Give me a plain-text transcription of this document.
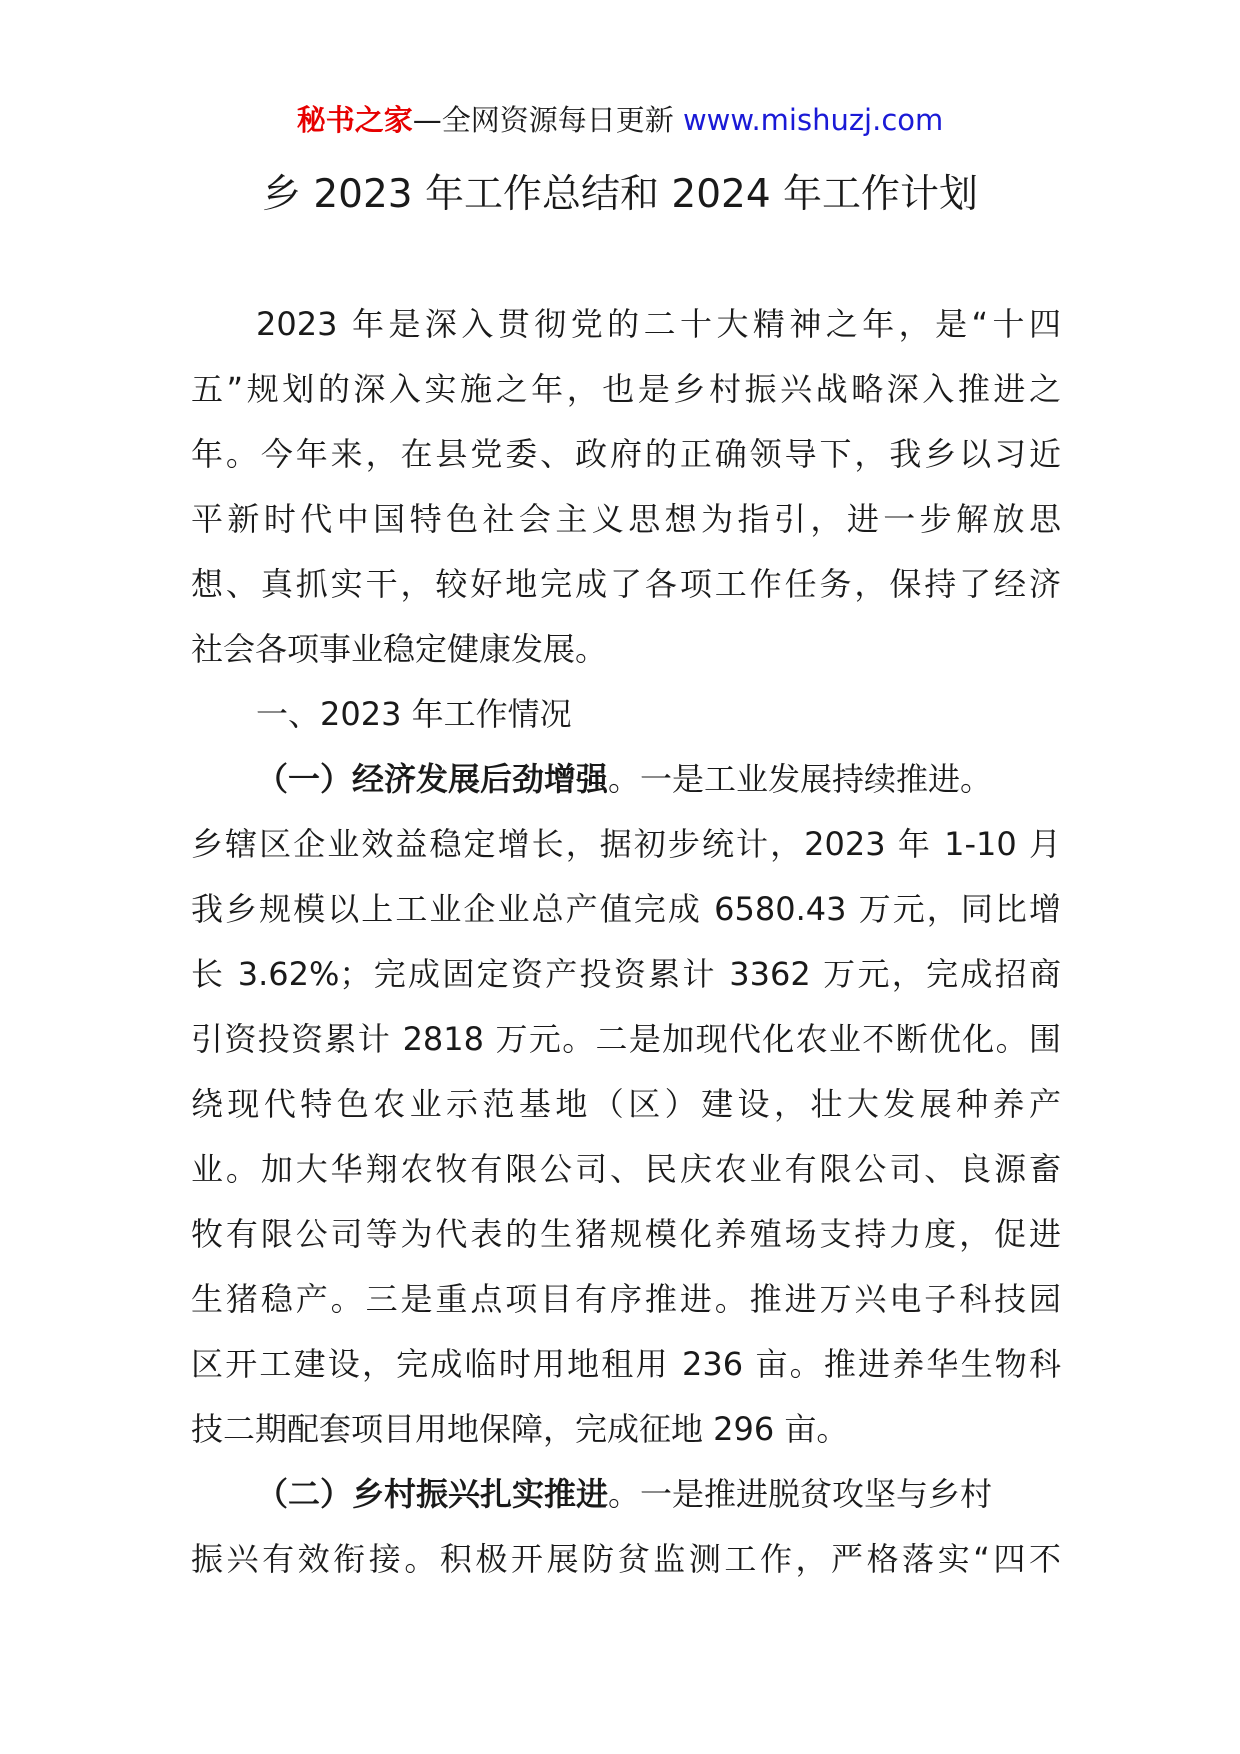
秘书之家—全网资源每日更新 www.mishuzj.com
乡 2023 年工作总结和 2024 年工作计划
2023 年是深入贯彻党的二十大精神之年，是“十四
五”规划的深入实施之年，也是乡村振兴战略深入推进之
年。今年来，在县党委、政府的正确领导下，我乡以习近
平新时代中国特色社会主义思想为指引，进一步解放思
想、真抓实干，较好地完成了各项工作任务，保持了经济
社会各项事业稳定健康发展。
一、2023 年工作情况
（一）经济发展后劲增强。一是工业发展持续推进。
乡辖区企业效益稳定增长，据初步统计，2023 年 1-10 月
我乡规模以上工业企业总产值完成 6580.43 万元，同比增
长 3.62%；完成固定资产投资累计 3362 万元，完成招商
引资投资累计 2818 万元。二是加现代化农业不断优化。围
绕现代特色农业示范基地（区）建设，壮大发展种养产
业。加大华翔农牧有限公司、民庆农业有限公司、良源畜
牧有限公司等为代表的生猪规模化养殖场支持力度，促进
生猪稳产。三是重点项目有序推进。推进万兴电子科技园
区开工建设，完成临时用地租用 236 亩。推进养华生物科
技二期配套项目用地保障，完成征地 296 亩。
（二）乡村振兴扎实推进。一是推进脱贫攻坚与乡村
振兴有效衔接。积极开展防贫监测工作，严格落实“四不
